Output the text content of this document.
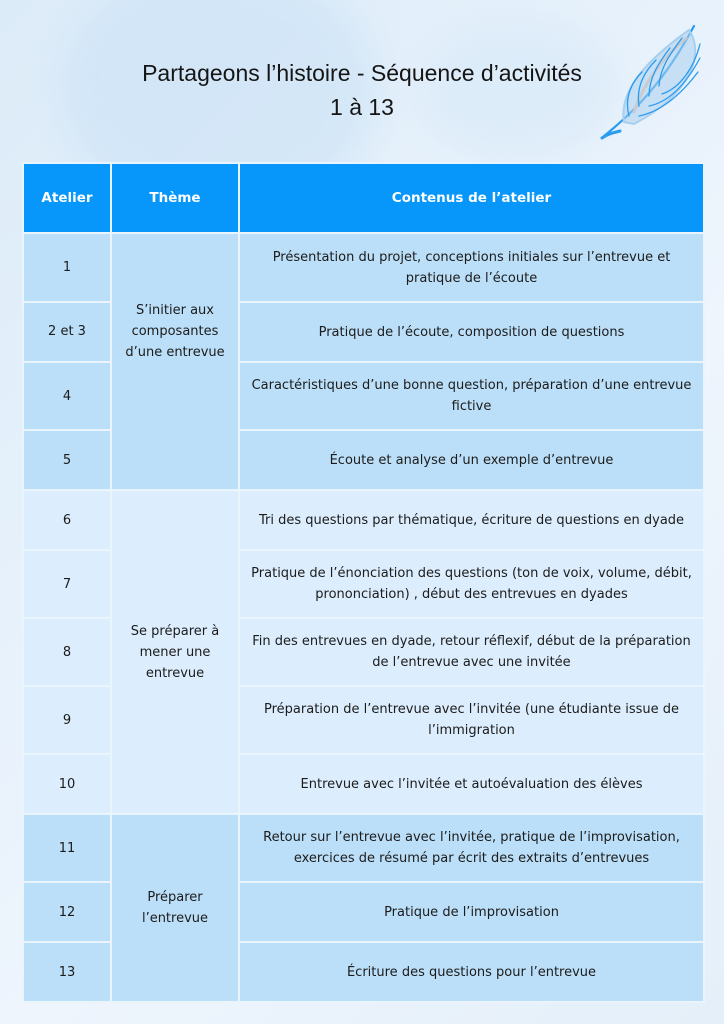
Partageons l’histoire - Séquence d’activités
1 à 13
Atelier	Thème	Contenus de l’atelier
1	S’initier aux composantes d’une entrevue	Présentation du projet, conceptions initiales sur l’entrevue et pratique de l’écoute
2 et 3		Pratique de l’écoute, composition de questions
4		Caractéristiques d’une bonne question, préparation d’une entrevue fictive
5		Écoute et analyse d’un exemple d’entrevue
6	Se préparer à mener une entrevue	Tri des questions par thématique, écriture de questions en dyade
7		Pratique de l’énonciation des questions (ton de voix, volume, débit, prononciation) , début des entrevues en dyades
8		Fin des entrevues en dyade, retour réflexif, début de la préparation de l’entrevue avec une invitée
9		Préparation de l’entrevue avec l’invitée (une étudiante issue de l’immigration
10		Entrevue avec l’invitée et autoévaluation des élèves
11	Préparer l’entrevue	Retour sur l’entrevue avec l’invitée, pratique de l’improvisation, exercices de résumé par écrit des extraits d’entrevues
12		Pratique de l’improvisation
13		Écriture des questions pour l’entrevue
